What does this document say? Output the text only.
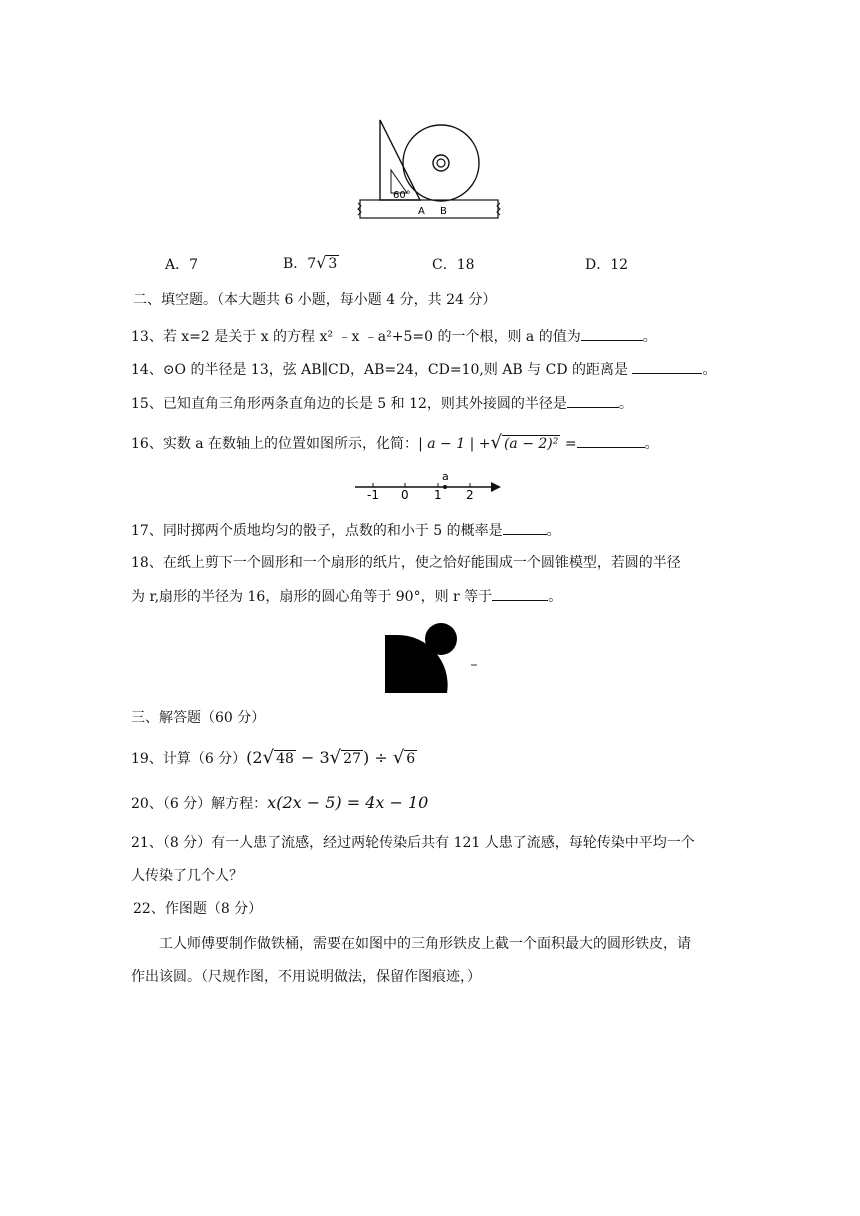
60°
A B
A．7	B．7√ 3	C．18	D．12
二、填空题。（本大题共 6 小题，每小题 4 分，共 24 分）
13、若 x=2 是关于 x 的方程 x² ﹣x ﹣a²+5=0 的一个根，则 a 的值为	。
14、⊙O 的半径是 13，弦 AB∥CD，AB=24，CD=10,则 AB 与 CD 的距离是	。
15、已知直角三角形两条直角边的长是 5 和 12，则其外接圆的半径是	。
16、实数 a 在数轴上的位置如图所示，化简：| a − 1 | +√ (a − 2)² =	。
-1 0 1 2
a
17、同时掷两个质地均匀的骰子，点数的和小于 5 的概率是	。
18、在纸上剪下一个圆形和一个扇形的纸片，使之恰好能围成一个圆锥模型，若圆的半径
为 r,扇形的半径为 16，扇形的圆心角等于 90°，则 r 等于	。
三、解答题（60 分）
19、计算（6 分）(2√ 48 − 3√ 27 ) ÷ √ 6
20、（6 分）解方程：x(2x − 5) = 4x − 10
21、（8 分）有一人患了流感，经过两轮传染后共有 121 人患了流感，每轮传染中平均一个
人传染了几个人？
22、作图题（8 分）
工人师傅要制作做铁桶，需要在如图中的三角形铁皮上截一个面积最大的圆形铁皮，请
作出该圆。（尺规作图，不用说明做法，保留作图痕迹，）
